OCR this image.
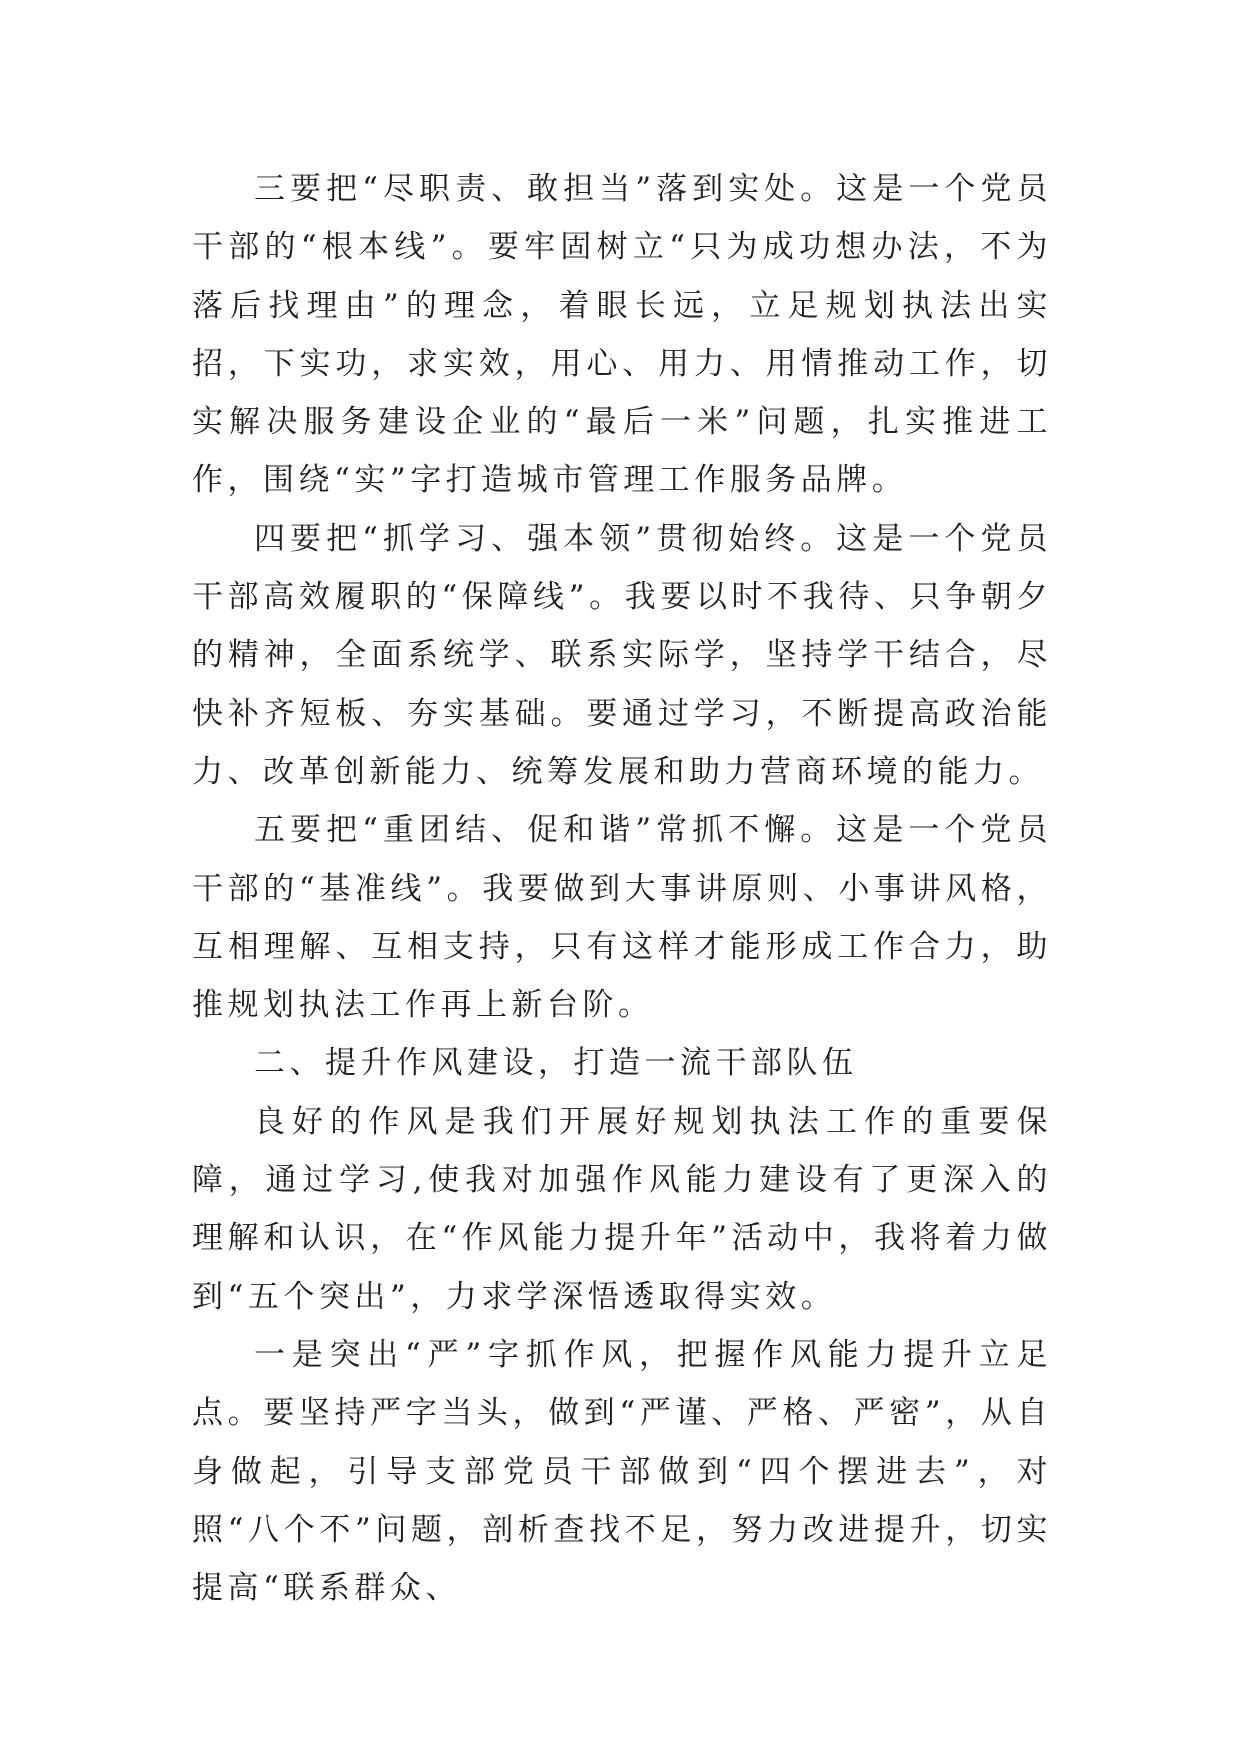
三要把“尽职责、敢担当”落到实处。这是一个党员干部的“根本线”。要牢固树立“只为成功想办法，不为落后找理由”的理念，着眼长远，立足规划执法出实招，下实功，求实效，用心、用力、用情推动工作，切实解决服务建设企业的“最后一米”问题，扎实推进工作，围绕“实”字打造城市管理工作服务品牌。

四要把“抓学习、强本领”贯彻始终。这是一个党员干部高效履职的“保障线”。我要以时不我待、只争朝夕的精神，全面系统学、联系实际学，坚持学干结合，尽快补齐短板、夯实基础。要通过学习，不断提高政治能力、改革创新能力、统筹发展和助力营商环境的能力。

五要把“重团结、促和谐”常抓不懈。这是一个党员干部的“基准线”。我要做到大事讲原则、小事讲风格，互相理解、互相支持，只有这样才能形成工作合力，助推规划执法工作再上新台阶。

二、提升作风建设，打造一流干部队伍

良好的作风是我们开展好规划执法工作的重要保障，通过学习,使我对加强作风能力建设有了更深入的理解和认识，在“作风能力提升年”活动中，我将着力做到“五个突出”，力求学深悟透取得实效。

一是突出“严”字抓作风，把握作风能力提升立足点。要坚持严字当头，做到“严谨、严格、严密”，从自身做起，引导支部党员干部做到“四个摆进去”，对照“八个不”问题，剖析查找不足，努力改进提升，切实提高“联系群众、
